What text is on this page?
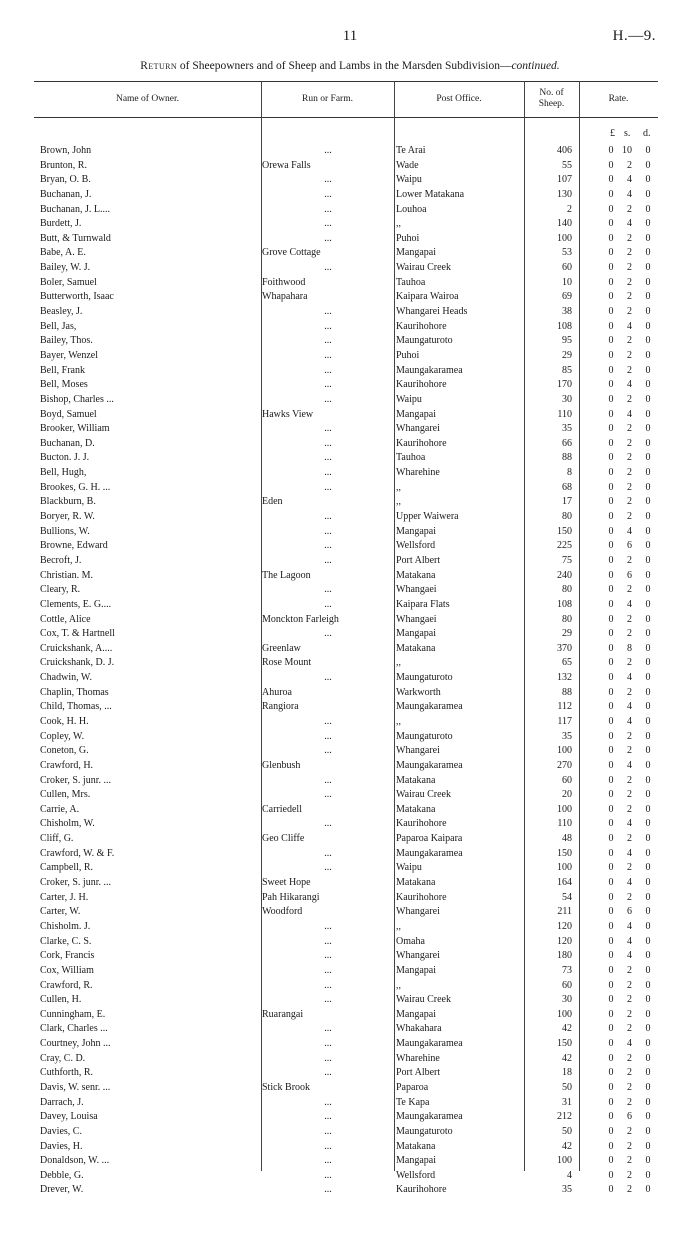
11	H.—9.
Return of Sheepowners and of Sheep and Lambs in the Marsden Subdivision—continued.
Name of Owner.	Run or Farm.	Post Office.
No. of
Sheep.
Rate.
£ s. d.
Brown, John	...	Te Arai	406	0 10 0
Brunton, R.	Orewa Falls	Wade	55	0	2 0
Bryan, O. B.	...	Waipu	107	0	4 0
Buchanan, J.	...	Lower Matakana	130	0	4 0
Buchanan, J. L....	...	Louhoa	2	0	2 0
Burdett, J.	...	,,	140	0	4 0
Butt, & Turnwald	...	Puhoi	100	0	2 0
Babe, A. E.	Grove Cottage	Mangapai	53	0	2 0
Bailey, W. J.	...	Wairau Creek	60	0	2 0
Boler, Samuel	Foithwood	Tauhoa	10	0	2 0
Butterworth, Isaac	Whapahara	Kaipara Wairoa	69	0	2 0
Beasley, J.	...	Whangarei Heads	38	0	2 0
Bell, Jas,	...	Kaurihohore	108	0	4 0
Bailey, Thos.	...	Maungaturoto	95	0	2 0
Bayer, Wenzel	...	Puhoi	29	0	2 0
Bell, Frank	...	Maungakaramea	85	0	2 0
Bell, Moses	...	Kaurihohore	170	0	4 0
Bishop, Charles ...	...	Waipu	30	0	2 0
Boyd, Samuel	Hawks View	Mangapai	110	0	4 0
Brooker, William	...	Whangarei	35	0	2 0
Buchanan, D.	...	Kaurihohore	66	0	2 0
Bucton. J. J.	...	Tauhoa	88	0	2 0
Bell, Hugh,	...	Wharehine	8	0	2 0
Brookes, G. H. ...	...	,,	68	0	2 0
Blackburn, B.	Eden	,,	17	0	2 0
Boryer, R. W.	...	Upper Waiwera	80	0	2 0
Bullions, W.	...	Mangapai	150	0	4 0
Browne, Edward	...	Wellsford	225	0	6 0
Becroft, J.	...	Port Albert	75	0	2 0
Christian. M.	The Lagoon	Matakana	240	0	6 0
Cleary, R.	...	Whangaei	80	0	2 0
Clements, E. G....	...	Kaipara Flats	108	0	4 0
Cottle, Alice	Monckton Farleigh	Whangaei	80	0	2 0
Cox, T. & Hartnell	...	Mangapai	29	0	2 0
Cruickshank, A....	Greenlaw	Matakana	370	0	8 0
Cruickshank, D. J.	Rose Mount	,,	65	0	2 0
Chadwin, W.	...	Maungaturoto	132	0	4 0
Chaplin, Thomas	Ahuroa	Warkworth	88	0	2 0
Child, Thomas, ...	Rangiora	Maungakaramea	112	0	4 0
Cook, H. H.	...	,,	117	0	4 0
Copley, W.	...	Maungaturoto	35	0	2 0
Coneton, G.	...	Whangarei	100	0	2 0
Crawford, H.	Glenbush	Maungakaramea	270	0	4 0
Croker, S. junr. ...	...	Matakana	60	0	2 0
Cullen, Mrs.	...	Wairau Creek	20	0	2 0
Carrie, A.	Carriedell	Matakana	100	0	2 0
Chisholm, W.	...	Kaurihohore	110	0	4 0
Cliff, G.	Geo Cliffe	Paparoa Kaipara	48	0	2 0
Crawford, W. & F.	...	Maungakaramea	150	0	4 0
Campbell, R.	...	Waipu	100	0	2 0
Croker, S. junr. ...	Sweet Hope	Matakana	164	0	4 0
Carter, J. H.	Pah Hikarangi	Kaurihohore	54	0	2 0
Carter, W.	Woodford	Whangarei	211	0	6 0
Chisholm. J.	...	,,	120	0	4 0
Clarke, C. S.	...	Omaha	120	0	4 0
Cork, Francis	...	Whangarei	180	0	4 0
Cox, William	...	Mangapai	73	0	2 0
Crawford, R.	...	,,	60	0	2 0
Cullen, H.	...	Wairau Creek	30	0	2 0
Cunningham, E.	Ruarangai	Mangapai	100	0	2 0
Clark, Charles ...	...	Whakahara	42	0	2 0
Courtney, John ...	...	Maungakaramea	150	0	4 0
Cray, C. D.	...	Wharehine	42	0	2 0
Cuthforth, R.	...	Port Albert	18	0	2 0
Davis, W. senr. ...	Stick Brook	Paparoa	50	0	2 0
Darrach, J.	...	Te Kapa	31	0	2 0
Davey, Louisa	...	Maungakaramea	212	0	6 0
Davies, C.	...	Maungaturoto	50	0	2 0
Davies, H.	...	Matakana	42	0	2 0
Donaldson, W. ...	...	Mangapai	100	0	2 0
Debble, G.	...	Wellsford	4	0	2 0
Drever, W.	...	Kaurihohore	35	0	2 0
